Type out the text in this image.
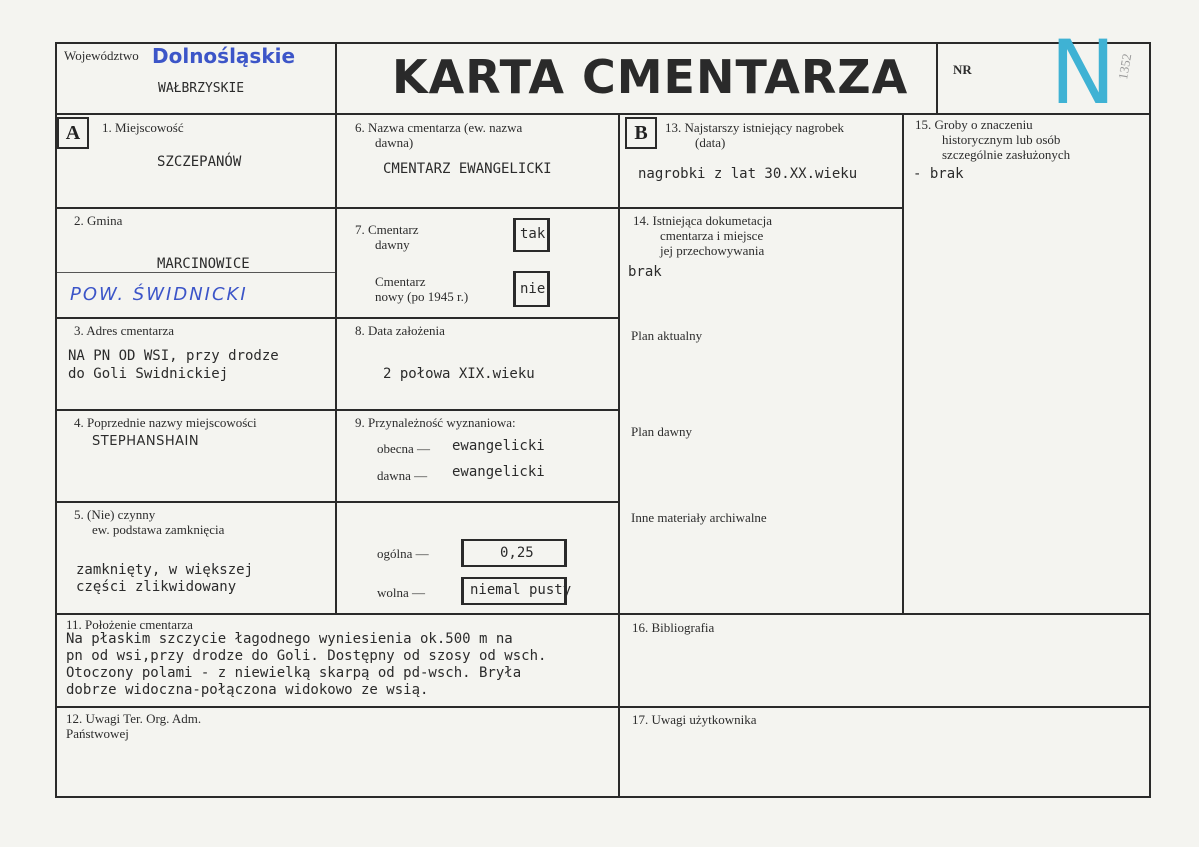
Województwo Dolnośląskie
WAŁBRZYSKIE	KARTA CMENTARZA	NR N 1352
A	1. Miejscowość
SZCZEPANÓW
2. Gmina
MARCINOWICE
POW. ŚWIDNICKI
3. Adres cmentarza
NA PN OD WSI, przy drodze
do Goli Swidnickiej
4. Poprzednie nazwy miejscowości
STEPHANSHAIN
5. (Nie) czynny
ew. podstawa zamknięcia
zamknięty, w większej
części zlikwidowany
6. Nazwa cmentarza (ew. nazwa
dawna)
CMENTARZ EWANGELICKI
7. Cmentarz
dawny
tak
Cmentarz
nowy (po 1945 r.)	nie
8. Data założenia
2 połowa XIX.wieku
9. Przynależność wyznaniowa:
obecna — ewangelicki
dawna — ewangelicki
ogólna —	0,25
wolna —	niemal pusty
B	13. Najstarszy istniejący nagrobek
(data)
nagrobki z lat 30.XX.wieku
14. Istniejąca dokumetacja
cmentarza i miejsce
jej przechowywania
brak
Plan aktualny
Plan dawny
Inne materiały archiwalne
15. Groby o znaczeniu
historycznym lub osób
szczególnie zasłużonych
- brak
11. Położenie cmentarza
Na płaskim szczycie łagodnego wyniesienia ok.500 m na
pn od wsi,przy drodze do Goli. Dostępny od szosy od wsch.
Otoczony polami - z niewielką skarpą od pd-wsch. Bryła
dobrze widoczna-połączona widokowo ze wsią.
16. Bibliografia
12. Uwagi Ter. Org. Adm.
Państwowej
17. Uwagi użytkownika
